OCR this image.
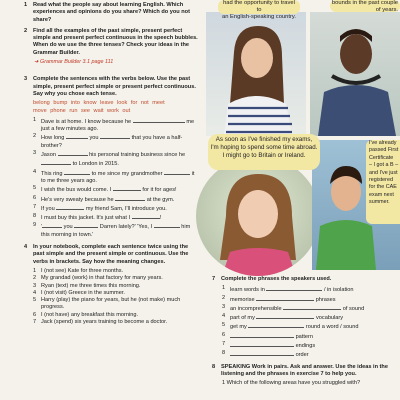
1	Read what the people say about learning English. Which experiences and opinions do you share? Which do you not share?
2	Find all the examples of the past simple, present perfect simple and present perfect continuous in the speech bubbles. When do we use the three tenses? Check your ideas in the Grammar Builder.
➜ Grammar Builder 3.1 page 111
3	Complete the sentences with the verbs below. Use the past simple, present perfect simple or present perfect continuous. Say why you chose each tense.
belong bump into know leave look for not meet
move phone run see wait work out
1 Dave is at home. I know because he	me just a few minutes ago.
2 How long	you	that you have a half-brother?
3 Jason	his personal training business since he  to London in 2015.
4 This ring	to me since my grandmother	it to me three years ago.
5 I wish the bus would come. I	for it for ages!
6 He's very sweaty because he	at the gym.
7 If you	my friend Sam, I'll introduce you.
8 I must buy this jacket. It's just what I	!
9 '	you	Darren lately?' 'Yes, I	him this morning in town.'
4	In your notebook, complete each sentence twice using the past simple and the present simple or continuous. Use the verbs in brackets. Say how the meaning changes.
1 I (not see) Kate for three months.
2 My grandad (work) in that factory for many years.
3 Ryan (text) me three times this morning.
4 I (not visit) Greece in the summer.
5 Harry (play) the piano for years, but he (not make) much progress.
6 I (not have) any breakfast this morning.
7 Jack (spend) six years training to become a doctor.
had the opportunity to travel to
an English-speaking country.
bounds in the past couple of years.
As soon as I've finished my exams,
I'm hoping to spend some time abroad.
I might go to Britain or Ireland.
I've already
passed First
Certificate
– I got a B –
and I've just
registered
for the CAE
exam next
summer.
7	Complete the phrases the speakers used.
1 learn words in	/ in isolation
2 memorise	phrases
3 an incomprehensible	of sound
4 part of my	vocabulary
5 get my	round a word / sound
6	pattern
7	endings
8	order
8	SPEAKING Work in pairs. Ask and answer. Use the ideas in the listening and the phrases in exercise 7 to help you.
1 Which of the following areas have you struggled with?
